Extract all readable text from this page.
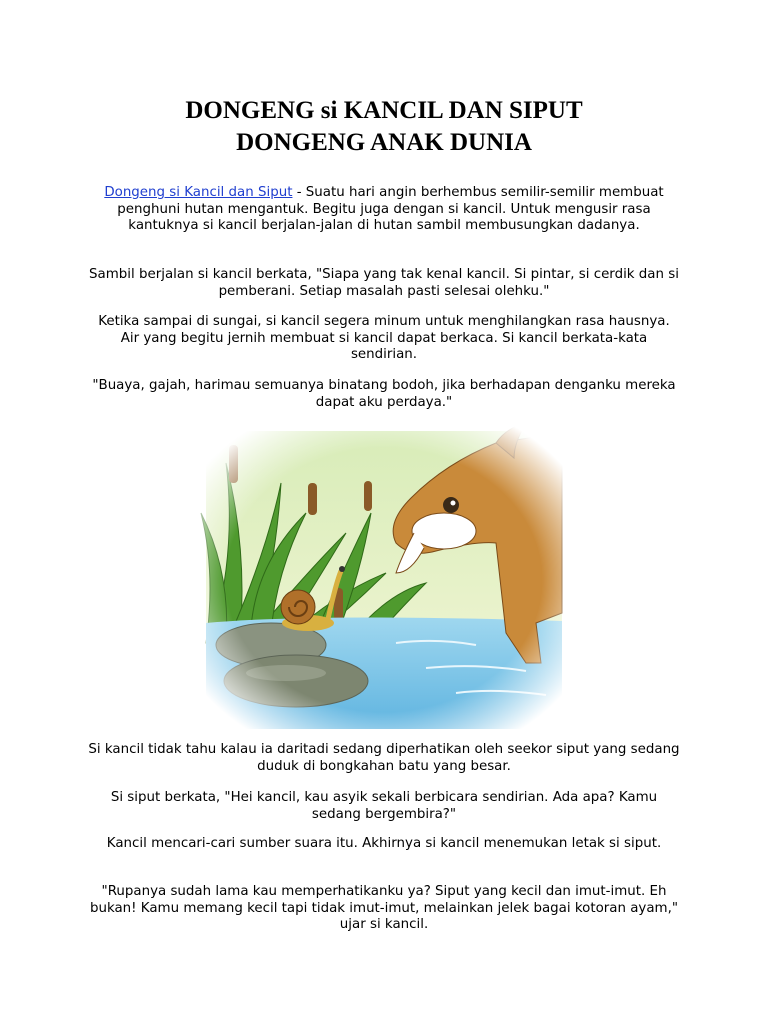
DONGENG si KANCIL DAN SIPUT
DONGENG ANAK DUNIA

Dongeng si Kancil dan Siput - Suatu hari angin berhembus semilir-semilir membuat penghuni hutan mengantuk. Begitu juga dengan si kancil. Untuk mengusir rasa kantuknya si kancil berjalan-jalan di hutan sambil membusungkan dadanya.

Sambil berjalan si kancil berkata, "Siapa yang tak kenal kancil. Si pintar, si cerdik dan si pemberani. Setiap masalah pasti selesai olehku."

Ketika sampai di sungai, si kancil segera minum untuk menghilangkan rasa hausnya. Air yang begitu jernih membuat si kancil dapat berkaca. Si kancil berkata-kata sendirian.

"Buaya, gajah, harimau semuanya binatang bodoh, jika berhadapan denganku mereka dapat aku perdaya."

Si kancil tidak tahu kalau ia daritadi sedang diperhatikan oleh seekor siput yang sedang duduk di bongkahan batu yang besar.

Si siput berkata, "Hei kancil, kau asyik sekali berbicara sendirian. Ada apa? Kamu sedang bergembira?"

Kancil mencari-cari sumber suara itu. Akhirnya si kancil menemukan letak si siput.

"Rupanya sudah lama kau memperhatikanku ya? Siput yang kecil dan imut-imut. Eh bukan! Kamu memang kecil tapi tidak imut-imut, melainkan jelek bagai kotoran ayam," ujar si kancil.
